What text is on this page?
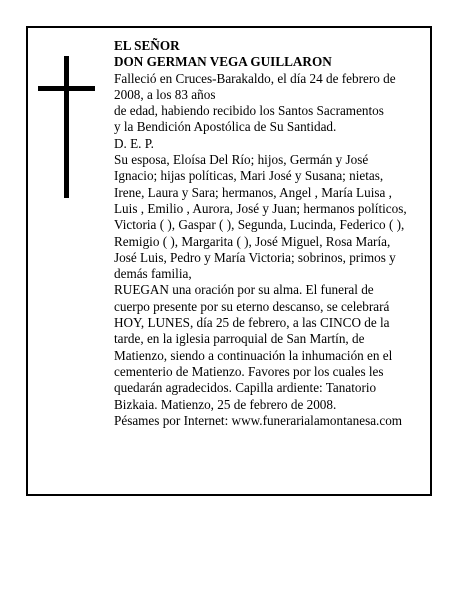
EL SEÑOR
DON GERMAN VEGA GUILLARON
Falleció en Cruces-Barakaldo, el día 24 de febrero de
2008, a los 83 años
de edad, habiendo recibido los Santos Sacramentos
y la Bendición Apostólica de Su Santidad.
D. E. P.
Su esposa, Eloísa Del Río; hijos, Germán y José
Ignacio; hijas políticas, Mari José y Susana; nietas,
Irene, Laura y Sara; hermanos, Angel , María Luisa ,
Luis , Emilio , Aurora, José y Juan; hermanos políticos,
Victoria ( ), Gaspar ( ), Segunda, Lucinda, Federico ( ),
Remigio ( ), Margarita ( ), José Miguel, Rosa María,
José Luis, Pedro y María Victoria; sobrinos, primos y
demás familia,
RUEGAN una oración por su alma. El funeral de
cuerpo presente por su eterno descanso, se celebrará
HOY, LUNES, día 25 de febrero, a las CINCO de la
tarde, en la iglesia parroquial de San Martín, de
Matienzo, siendo a continuación la inhumación en el
cementerio de Matienzo. Favores por los cuales les
quedarán agradecidos. Capilla ardiente: Tanatorio
Bizkaia. Matienzo, 25 de febrero de 2008.
Pésames por Internet: www.funerarialamontanesa.com
